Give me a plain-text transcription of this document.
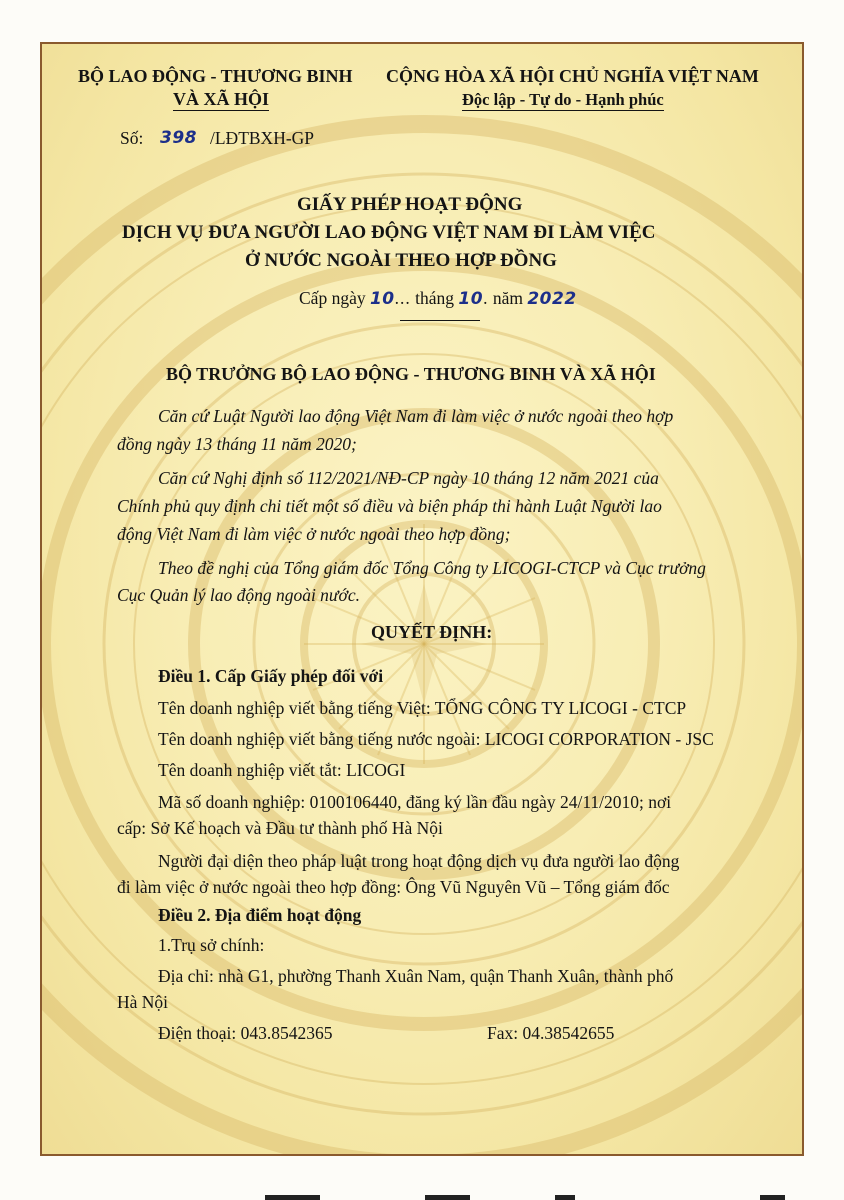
BỘ LAO ĐỘNG - THƯƠNG BINH
VÀ XÃ HỘI
CỘNG HÒA XÃ HỘI CHỦ NGHĨA VIỆT NAM
Độc lập - Tự do - Hạnh phúc
Số: 398 /LĐTBXH-GP
GIẤY PHÉP HOẠT ĐỘNG
DỊCH VỤ ĐƯA NGƯỜI LAO ĐỘNG VIỆT NAM ĐI LÀM VIỆC
Ở NƯỚC NGOÀI THEO HỢP ĐỒNG
Cấp ngày 10... tháng 10. năm 2022
BỘ TRƯỞNG BỘ LAO ĐỘNG - THƯƠNG BINH VÀ XÃ HỘI
Căn cứ Luật Người lao động Việt Nam đi làm việc ở nước ngoài theo hợp
đồng ngày 13 tháng 11 năm 2020;
Căn cứ Nghị định số 112/2021/NĐ-CP ngày 10 tháng 12 năm 2021 của
Chính phủ quy định chi tiết một số điều và biện pháp thi hành Luật Người lao
động Việt Nam đi làm việc ở nước ngoài theo hợp đồng;
Theo đề nghị của Tổng giám đốc Tổng Công ty LICOGI-CTCP và Cục trưởng
Cục Quản lý lao động ngoài nước.
QUYẾT ĐỊNH:
Điều 1. Cấp Giấy phép đối với
Tên doanh nghiệp viết bằng tiếng Việt: TỔNG CÔNG TY LICOGI - CTCP
Tên doanh nghiệp viết bằng tiếng nước ngoài: LICOGI CORPORATION - JSC
Tên doanh nghiệp viết tắt: LICOGI
Mã số doanh nghiệp: 0100106440, đăng ký lần đầu ngày 24/11/2010; nơi
cấp: Sở Kế hoạch và Đầu tư thành phố Hà Nội
Người đại diện theo pháp luật trong hoạt động dịch vụ đưa người lao động
đi làm việc ở nước ngoài theo hợp đồng: Ông Vũ Nguyên Vũ – Tổng giám đốc
Điều 2. Địa điểm hoạt động
1.Trụ sở chính:
Địa chỉ: nhà G1, phường Thanh Xuân Nam, quận Thanh Xuân, thành phố
Hà Nội
Điện thoại: 043.8542365	Fax: 04.38542655
